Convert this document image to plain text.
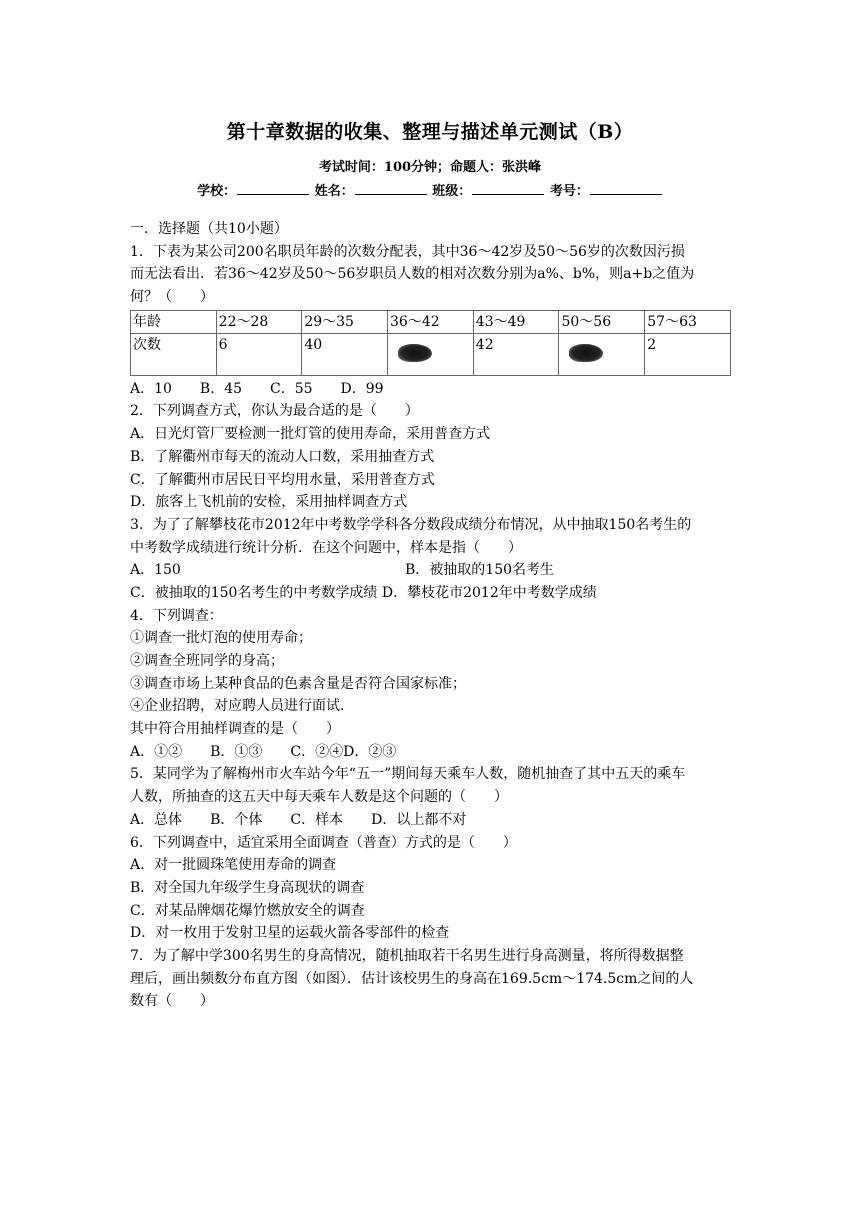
第十章数据的收集、整理与描述单元测试（B）
考试时间：100分钟；命题人：张洪峰
学校：	姓名：	班级：	考号：
一．选择题（共10小题）
1．下表为某公司200名职员年龄的次数分配表，其中36～42岁及50～56岁的次数因污损
而无法看出．若36～42岁及50～56岁职员人数的相对次数分别为a%、b%，则a+b之值为
何？（　　）
年龄	22～28	29～35	36～42	43～49	50～56	57～63
次数	6	40		42		2
A．10　　B．45　　C．55　　D．99
2．下列调查方式，你认为最合适的是（　　）
A．日光灯管厂要检测一批灯管的使用寿命，采用普查方式
B．了解衢州市每天的流动人口数，采用抽查方式
C．了解衢州市居民日平均用水量，采用普查方式
D．旅客上飞机前的安检，采用抽样调查方式
3．为了了解攀枝花市2012年中考数学学科各分数段成绩分布情况，从中抽取150名考生的
中考数学成绩进行统计分析．在这个问题中，样本是指（　　）
A．150	B．被抽取的150名考生
C．被抽取的150名考生的中考数学成绩 D．攀枝花市2012年中考数学成绩
4．下列调查：
①调查一批灯泡的使用寿命；
②调查全班同学的身高；
③调查市场上某种食品的色素含量是否符合国家标准；
④企业招聘，对应聘人员进行面试．
其中符合用抽样调查的是（　　）
A．①②　　B．①③　　C．②④D．②③
5．某同学为了解梅州市火车站今年“五一”期间每天乘车人数，随机抽查了其中五天的乘车
人数，所抽查的这五天中每天乘车人数是这个问题的（　　）
A．总体　　B．个体　　C．样本　　D．以上都不对
6．下列调查中，适宜采用全面调查（普查）方式的是（　　）
A．对一批圆珠笔使用寿命的调查
B．对全国九年级学生身高现状的调查
C．对某品牌烟花爆竹燃放安全的调查
D．对一枚用于发射卫星的运载火箭各零部件的检查
7．为了解中学300名男生的身高情况，随机抽取若干名男生进行身高测量，将所得数据整
理后，画出频数分布直方图（如图）．估计该校男生的身高在169.5cm～174.5cm之间的人
数有（　　）
